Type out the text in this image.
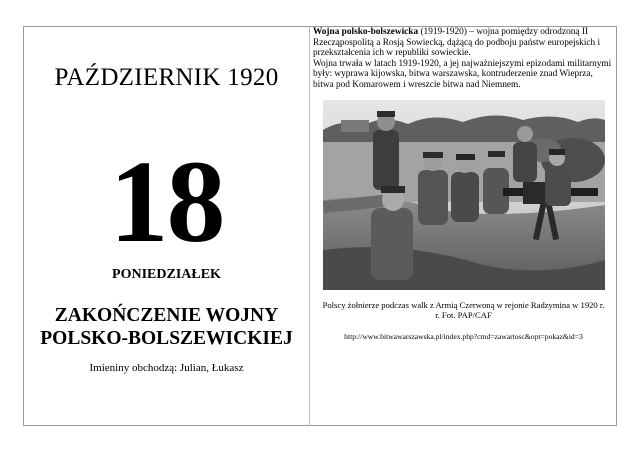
PAŹDZIERNIK 1920
18
PONIEDZIAŁEK
ZAKOŃCZENIE WOJNY
POLSKO-BOLSZEWICKIEJ
Imieniny obchodzą: Julian, Łukasz
Wojna polsko-bolszewicka (1919-1920) – wojna pomiędzy odrodzoną II Rzecząpospolitą a Rosją Sowiecką, dążącą do podboju państw europejskich i przekształcenia ich w republiki sowieckie.
Wojna trwała w latach 1919-1920, a jej najważniejszymi epizodami militarnymi były: wyprawa kijowska, bitwa warszawska, kontruderzenie znad Wieprza, bitwa pod Komarowem i wreszcie bitwa nad Niemnem.
Polscy żołnierze podczas walk z Armią Czerwoną w rejonie Radzymina w 1920 r.
r. Fot. PAP/CAF
http://www.bitwawarszawska.pl/index.php?cmd=zawartosc&opt=pokaz&id=3
